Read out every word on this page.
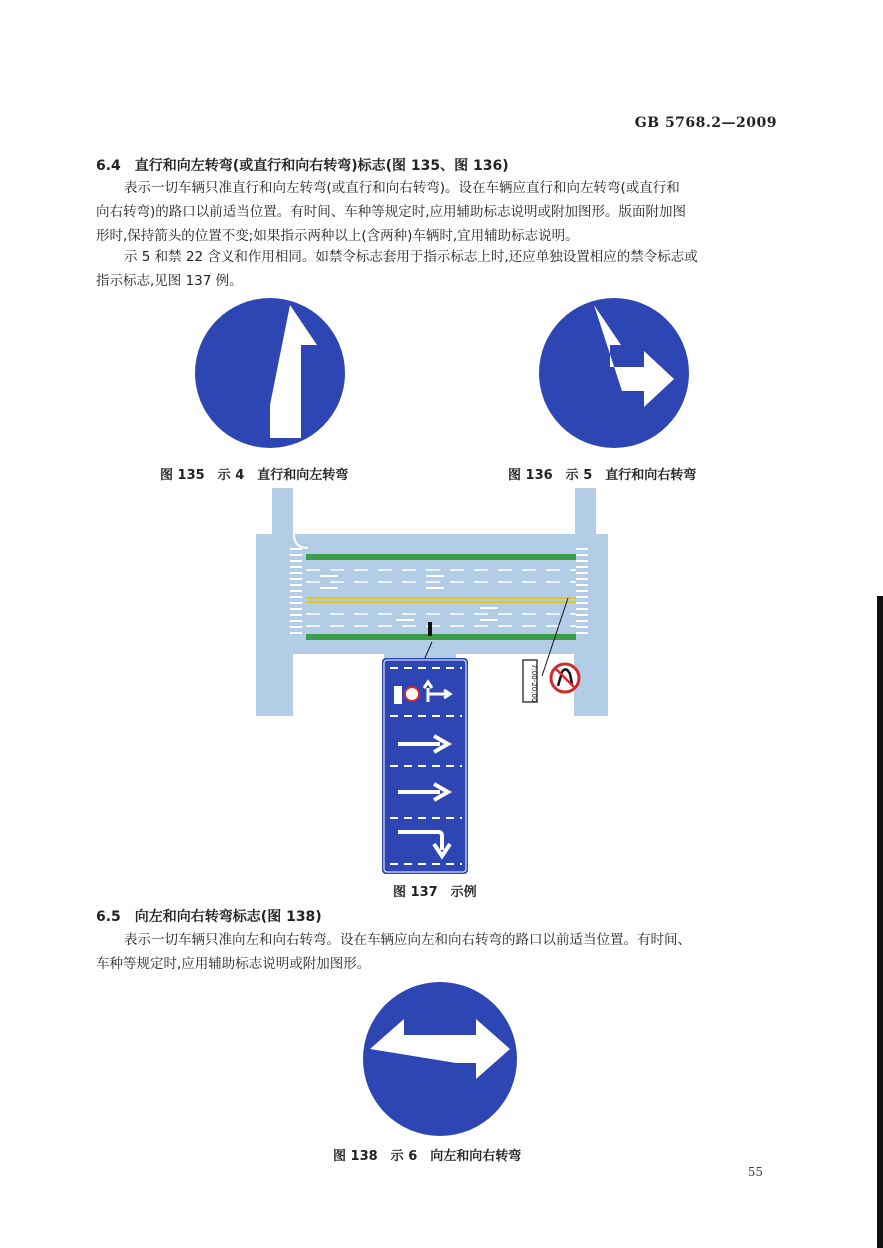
GB 5768.2—2009
6.4　直行和向左转弯(或直行和向右转弯)标志(图 135、图 136)
表示一切车辆只准直行和向左转弯(或直行和向右转弯)。设在车辆应直行和向左转弯(或直行和
向右转弯)的路口以前适当位置。有时间、车种等规定时,应用辅助标志说明或附加图形。版面附加图
形时,保持箭头的位置不变;如果指示两种以上(含两种)车辆时,宜用辅助标志说明。
示 5 和禁 22 含义和作用相同。如禁令标志套用于指示标志上时,还应单独设置相应的禁令标志或
指示标志,见图 137 例。
图 135　示 4　直行和向左转弯	图 136　示 5　直行和向右转弯
7:00-20:00
图 137　示例
6.5　向左和向右转弯标志(图 138)
表示一切车辆只准向左和向右转弯。设在车辆应向左和向右转弯的路口以前适当位置。有时间、
车种等规定时,应用辅助标志说明或附加图形。
图 138　示 6　向左和向右转弯
55
